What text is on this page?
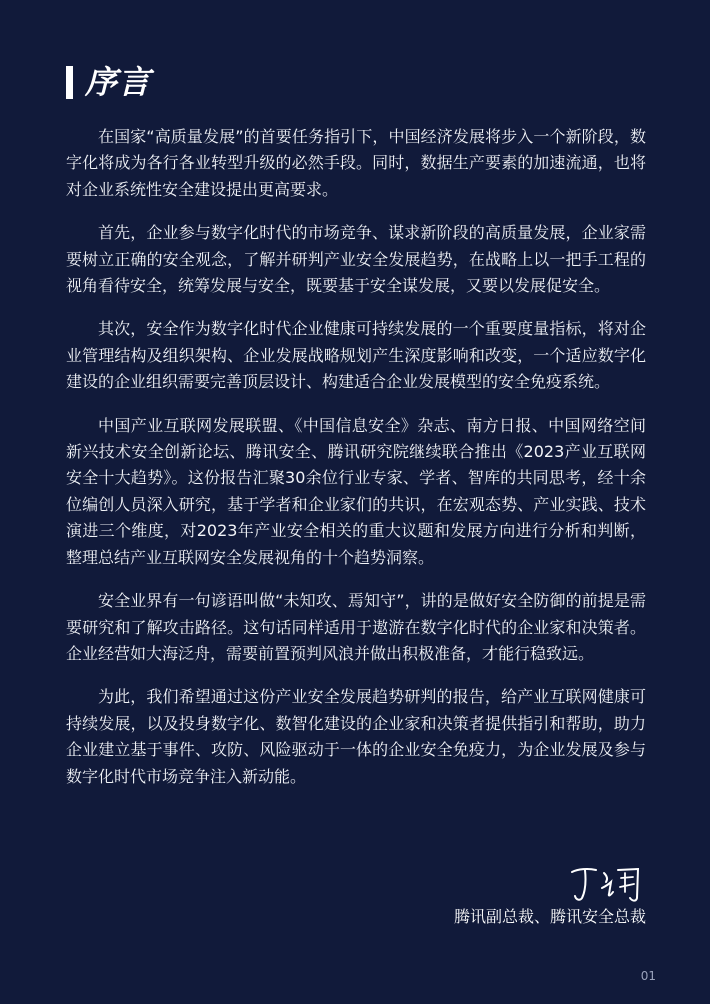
序言

在国家“高质量发展”的首要任务指引下，中国经济发展将步入一个新阶段，数字化将成为各行各业转型升级的必然手段。同时，数据生产要素的加速流通，也将对企业系统性安全建设提出更高要求。

首先，企业参与数字化时代的市场竞争、谋求新阶段的高质量发展，企业家需要树立正确的安全观念，了解并研判产业安全发展趋势，在战略上以一把手工程的视角看待安全，统筹发展与安全，既要基于安全谋发展，又要以发展促安全。

其次，安全作为数字化时代企业健康可持续发展的一个重要度量指标，将对企业管理结构及组织架构、企业发展战略规划产生深度影响和改变，一个适应数字化建设的企业组织需要完善顶层设计、构建适合企业发展模型的安全免疫系统。

中国产业互联网发展联盟、《中国信息安全》杂志、南方日报、中国网络空间新兴技术安全创新论坛、腾讯安全、腾讯研究院继续联合推出《2023产业互联网安全十大趋势》。这份报告汇聚30余位行业专家、学者、智库的共同思考，经十余位编创人员深入研究，基于学者和企业家们的共识，在宏观态势、产业实践、技术演进三个维度，对2023年产业安全相关的重大议题和发展方向进行分析和判断，整理总结产业互联网安全发展视角的十个趋势洞察。

安全业界有一句谚语叫做“未知攻、焉知守”，讲的是做好安全防御的前提是需要研究和了解攻击路径。这句话同样适用于遨游在数字化时代的企业家和决策者。企业经营如大海泛舟，需要前置预判风浪并做出积极准备，才能行稳致远。

为此，我们希望通过这份产业安全发展趋势研判的报告，给产业互联网健康可持续发展，以及投身数字化、数智化建设的企业家和决策者提供指引和帮助，助力企业建立基于事件、攻防、风险驱动于一体的企业安全免疫力，为企业发展及参与数字化时代市场竞争注入新动能。

腾讯副总裁、腾讯安全总裁
01
